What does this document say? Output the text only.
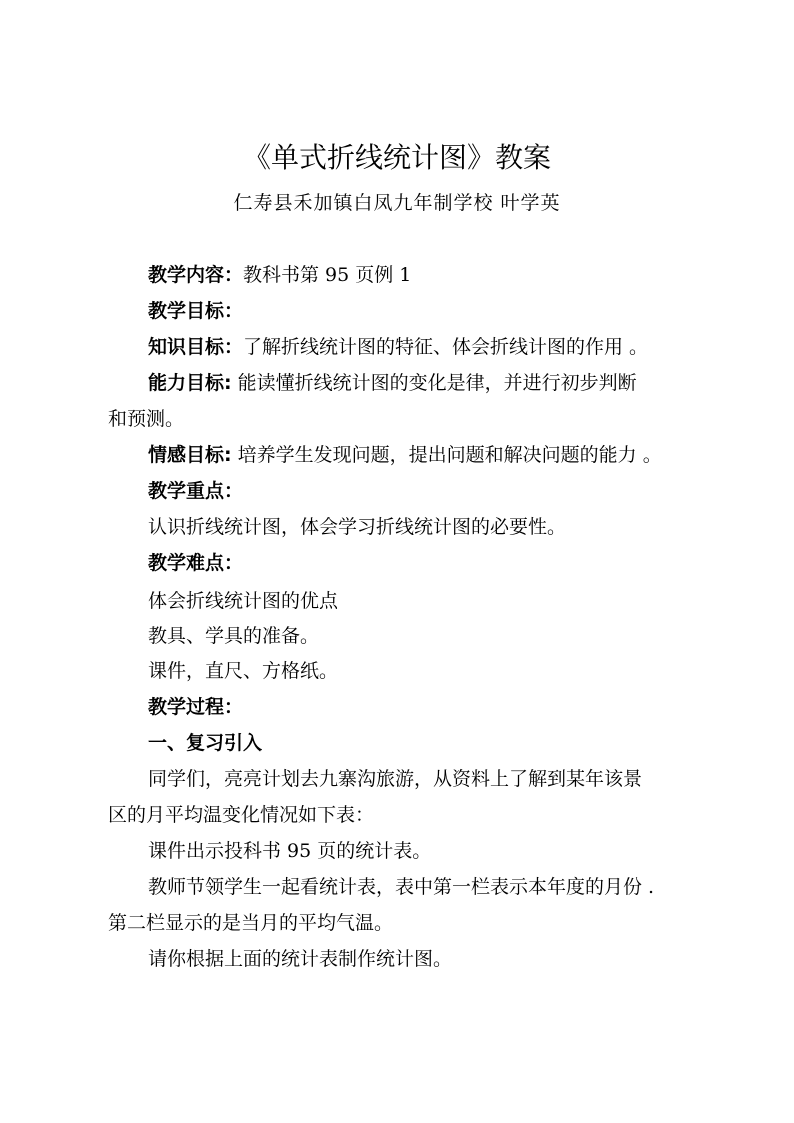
《单式折线统计图》教案
仁寿县禾加镇白凤九年制学校 叶学英
教学内容：教科书第 95 页例 1
教学目标：
知识目标：了解折线统计图的特征、体会折线计图的作用 。
能力目标: 能读懂折线统计图的变化是律，并进行初步判断
和预测。
情感目标: 培养学生发现问题，提出问题和解决问题的能力 。
教学重点：
认识折线统计图，体会学习折线统计图的必要性。
教学难点：
体会折线统计图的优点
教具、学具的准备。
课件，直尺、方格纸。
教学过程：
一、复习引入
同学们，亮亮计划去九寨沟旅游，从资料上了解到某年该景
区的月平均温变化情况如下表：
课件出示投科书 95 页的统计表。
教师节领学生一起看统计表，表中第一栏表示本年度的月份 .
第二栏显示的是当月的平均气温。
请你根据上面的统计表制作统计图。
